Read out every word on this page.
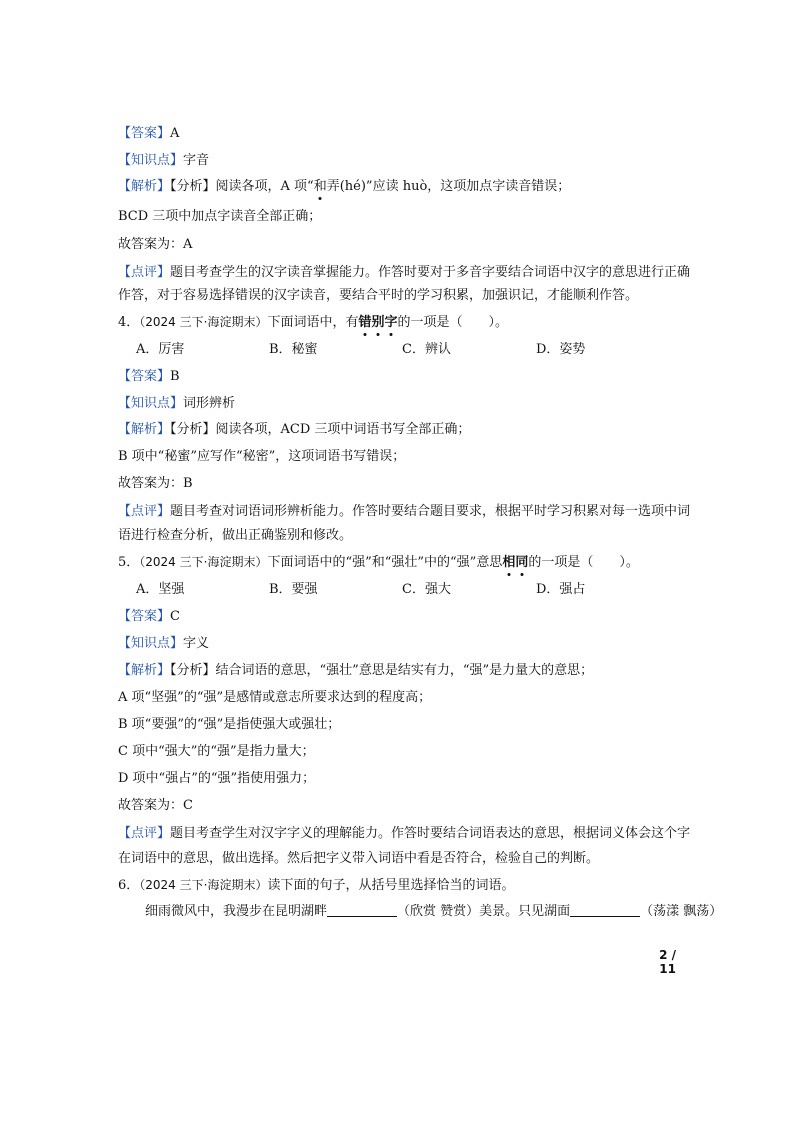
【答案】A
【知识点】字音
【解析】【分析】阅读各项，A 项“和弄(hé)”应读 huò，这项加点字读音错误；
BCD 三项中加点字读音全部正确；
故答案为：A
【点评】题目考查学生的汉字读音掌握能力。作答时要对于多音字要结合词语中汉字的意思进行正确
作答，对于容易选择错误的汉字读音，要结合平时的学习积累，加强识记，才能顺利作答。
4．（2024 三下·海淀期末）下面词语中，有错别字的一项是（　　）。
A．厉害	B．秘蜜	C．辨认	D．姿势
【答案】B
【知识点】词形辨析
【解析】【分析】阅读各项，ACD 三项中词语书写全部正确；
B 项中“秘蜜”应写作“秘密”，这项词语书写错误；
故答案为：B
【点评】题目考查对词语词形辨析能力。作答时要结合题目要求，根据平时学习积累对每一选项中词
语进行检查分析，做出正确鉴别和修改。
5．（2024 三下·海淀期末）下面词语中的“强”和“强壮”中的“强”意思相同的一项是（　　）。
A．坚强	B．要强	C．强大	D．强占
【答案】C
【知识点】字义
【解析】【分析】结合词语的意思，“强壮”意思是结实有力，“强”是力量大的意思；
A 项“坚强”的“强”是感情或意志所要求达到的程度高；
B 项“要强”的“强”是指使强大或强壮；
C 项中“强大”的“强”是指力量大；
D 项中“强占”的“强”指使用强力；
故答案为：C
【点评】题目考查学生对汉字字义的理解能力。作答时要结合词语表达的意思，根据词义体会这个字
在词语中的意思，做出选择。然后把字义带入词语中看是否符合，检验自己的判断。
6．（2024 三下·海淀期末）读下面的句子，从括号里选择恰当的词语。
细雨微风中，我漫步在昆明湖畔	（欣赏 赞赏）美景。只见湖面	（荡漾 飘荡）
2 / 11
